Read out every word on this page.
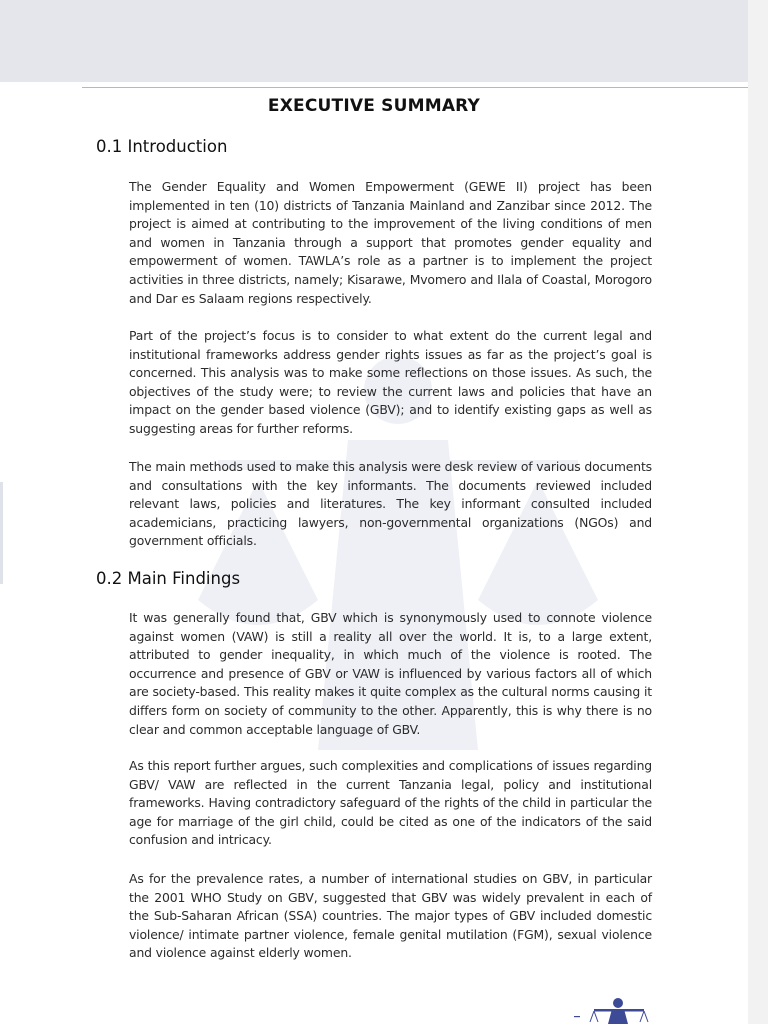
EXECUTIVE SUMMARY
0.1 Introduction

The Gender Equality and Women Empowerment (GEWE II) project has been implemented in ten (10) districts of Tanzania Mainland and Zanzibar since 2012. The project is aimed at contributing to the improvement of the living conditions of men and women in Tanzania through a support that promotes gender equality and empowerment of women. TAWLA’s role as a partner is to implement the project activities in three districts, namely; Kisarawe, Mvomero and Ilala of Coastal, Morogoro and Dar es Salaam regions respectively.

Part of the project’s focus is to consider to what extent do the current legal and institutional frameworks address gender rights issues as far as the project’s goal is concerned. This analysis was to make some reflections on those issues. As such, the objectives of the study were; to review the current laws and policies that have an impact on the gender based violence (GBV); and to identify existing gaps as well as suggesting areas for further reforms.

The main methods used to make this analysis were desk review of various documents and consultations with the key informants. The documents reviewed included relevant laws, policies and literatures. The key informant consulted included academicians, practicing lawyers, non-governmental organizations (NGOs) and government officials.

0.2 Main Findings

It was generally found that, GBV which is synonymously used to connote violence against women (VAW) is still a reality all over the world. It is, to a large extent, attributed to gender inequality, in which much of the violence is rooted. The occurrence and presence of GBV or VAW is influenced by various factors all of which are society-based. This reality makes it quite complex as the cultural norms causing it differs form on society of community to the other. Apparently, this is why there is no clear and common acceptable language of GBV.

As this report further argues, such complexities and complications of issues regarding GBV/ VAW are reflected in the current Tanzania legal, policy and institutional frameworks. Having contradictory safeguard of the rights of the child in particular the age for marriage of the girl child, could be cited as one of the indicators of the said confusion and intricacy.

As for the prevalence rates, a number of international studies on GBV, in particular the 2001 WHO Study on GBV, suggested that GBV was widely prevalent in each of the Sub-Saharan African (SSA) countries. The major types of GBV included domestic violence/ intimate partner violence, female genital mutilation (FGM), sexual violence and violence against elderly women.
